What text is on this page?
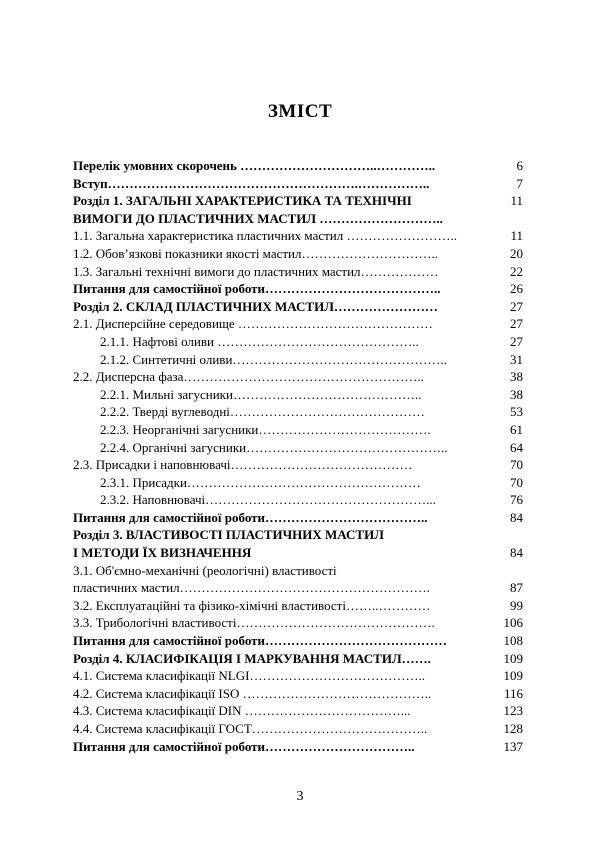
ЗМІСТ
Перелік умовних скорочень …………………………..…………..	6
Вступ………………………………………………….……………..	7
Розділ 1. ЗАГАЛЬНІ ХАРАКТЕРИСТИКА ТА ТЕХНІЧНІ	11
ВИМОГИ ДО ПЛАСТИЧНИХ МАСТИЛ ………………………..
1.1. Загальна характеристика пластичних мастил ……………………..	11
1.2. Обов’язкові показники якості мастил…………………………..	20
1.3. Загальні технічні вимоги до пластичних мастил………………	22
Питання для самостійної роботи…………………………………..	26
Розділ 2. СКЛАД ПЛАСТИЧНИХ МАСТИЛ……………………	27
2.1. Дисперсійне середовище ………………………………………	27
2.1.1. Нафтові оливи ………………………………………..	27
2.1.2. Синтетичні оливи…………………………………………..	31
2.2. Дисперсна фаза………………………………………………..	38
2.2.1. Мильні загусники……………………………………..	38
2.2.2. Тверді вуглеводні………………………………………	53
2.2.3. Неорганічні загусники………………………………….	61
2.2.4. Органічні загусники………………………………………..	64
2.3. Присадки і наповнювачі……………………………………	70
2.3.1. Присадки………………………………………………	70
2.3.2. Наповнювачі……………………………………………...	76
Питання для самостійної роботи………………………………..	84
Розділ 3. ВЛАСТИВОСТІ ПЛАСТИЧНИХ МАСТИЛ
І МЕТОДИ ЇХ ВИЗНАЧЕННЯ	84
3.1. Об'ємно-механічні (реологічні) властивості
пластичних мастил………………………………………………….	87
3.2. Експлуатаційні та фізико-хімічні властивості……..…………	99
3.3. Трибологічні властивості……………………………………….	106
Питання для самостійної роботи……………………………………	108
Розділ 4. КЛАСИФІКАЦІЯ І МАРКУВАННЯ МАСТИЛ…….	109
4.1. Система класифікації NLGI…………………………………..	109
4.2. Система класифікації ISO ……………………………………..	116
4.3. Система класифікації DIN ………………………………...	123
4.4. Система класифікації ГОСТ…………………………………..	128
Питання для самостійної роботи……………………………..	137
3
